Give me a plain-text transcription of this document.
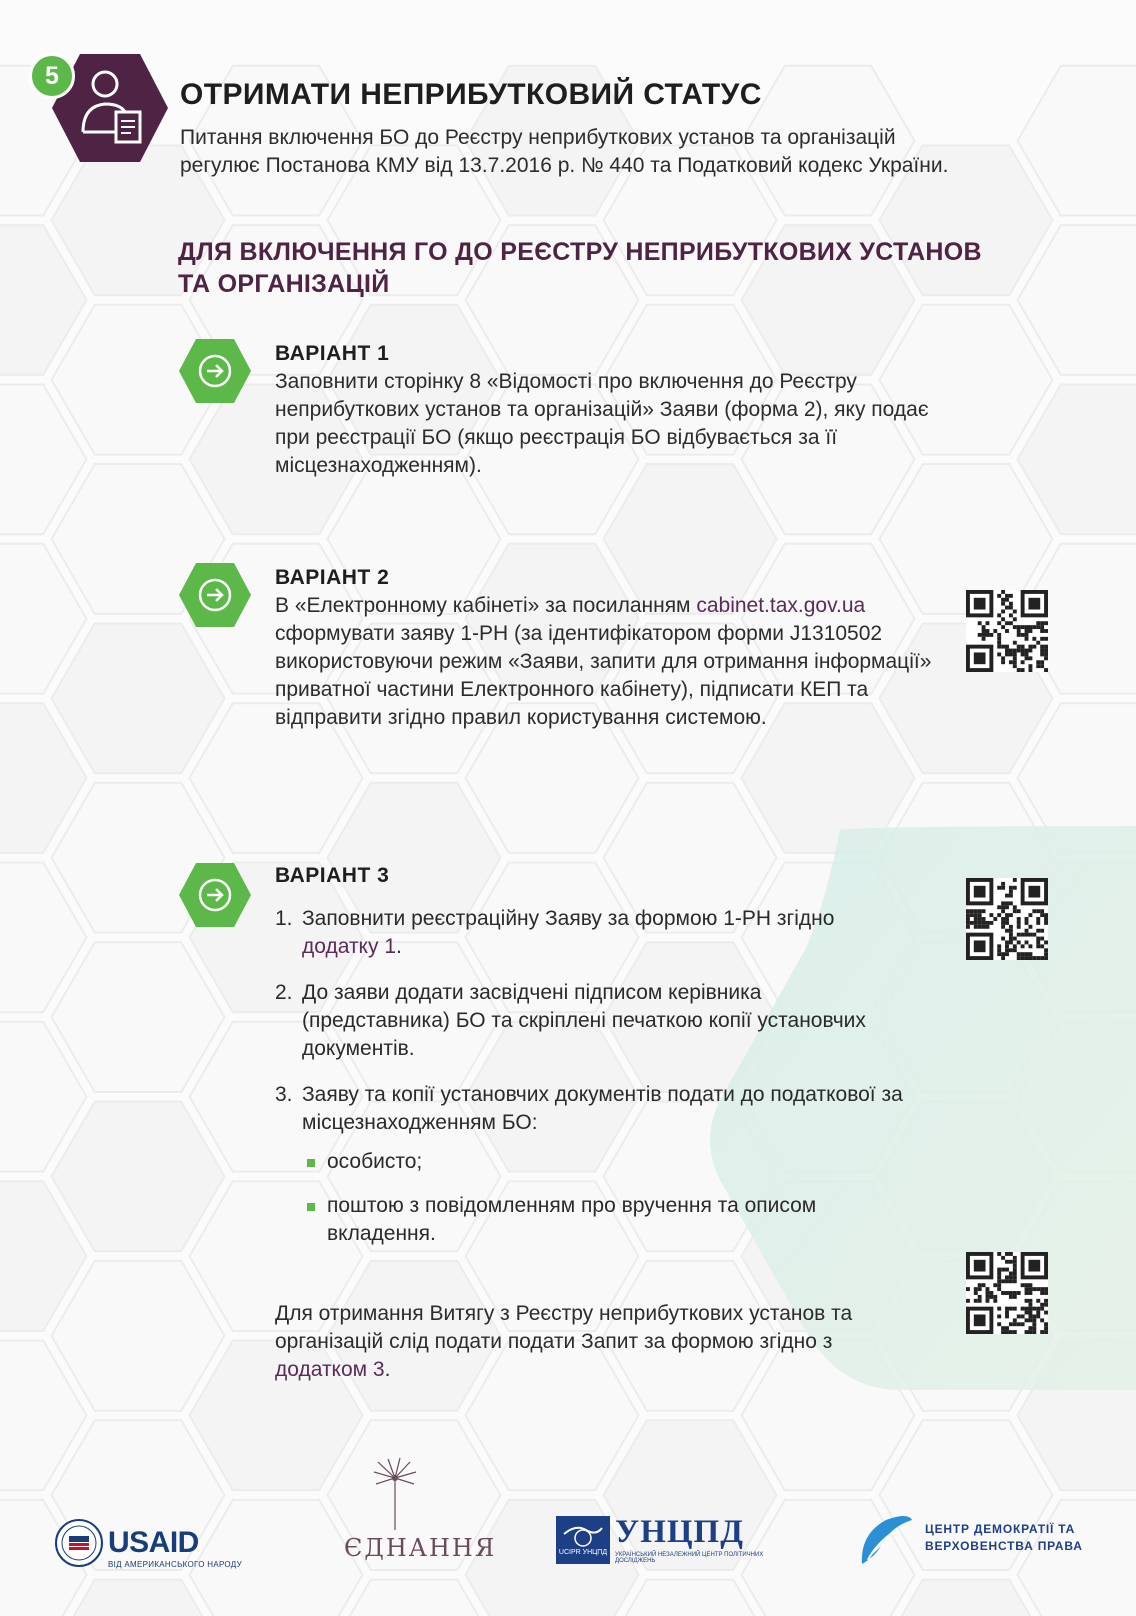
5
ОТРИМАТИ НЕПРИБУТКОВИЙ СТАТУС

Питання включення БО до Реєстру неприбуткових установ та організацій регулює Постанова КМУ від 13.7.2016 р. № 440 та Податковий кодекс України.

ДЛЯ ВКЛЮЧЕННЯ ГО ДО РЕЄСТРУ НЕПРИБУТКОВИХ УСТАНОВ ТА ОРГАНІЗАЦІЙ
ВАРІАНТ 1

Заповнити сторінку 8 «Відомості про включення до Реєстру неприбуткових установ та організацій» Заяви (форма 2), яку подає при реєстрації БО (якщо реєстрація БО відбувається за її місцезнаходженням).

ВАРІАНТ 2

В «Електронному кабінеті» за посиланням cabinet.tax.gov.ua сформувати заяву 1-РН (за ідентифікатором форми J1310502 використовуючи режим «Заяви, запити для отримання інформації» приватної частини Електронного кабінету), підписати КЕП та відправити згідно правил користування системою.

ВАРІАНТ 3
1. Заповнити реєстраційну Заяву за формою 1-РН згідно додатку 1.
2. До заяви додати засвідчені підписом керівника (представника) БО та скріплені печаткою копії установчих документів.
3. Заяву та копії установчих документів подати до податкової за місцезнаходженням БО:
особисто;
поштою з повідомленням про вручення та описом вкладення.

Для отримання Витягу з Реєстру неприбуткових установ та організацій слід подати подати Запит за формою згідно з додатком 3.

USAID
ВІД АМЕРИКАНСЬКОГО НАРОДУ
ЄДНАННЯ	UCIPR УНЦПД
УНЦПД
УКРАЇНСЬКИЙ НЕЗАЛЕЖНИЙ ЦЕНТР ПОЛІТИЧНИХ ДОСЛІДЖЕНЬ
ЦЕНТР ДЕМОКРАТІЇ ТА ВЕРХОВЕНСТВА ПРАВА
